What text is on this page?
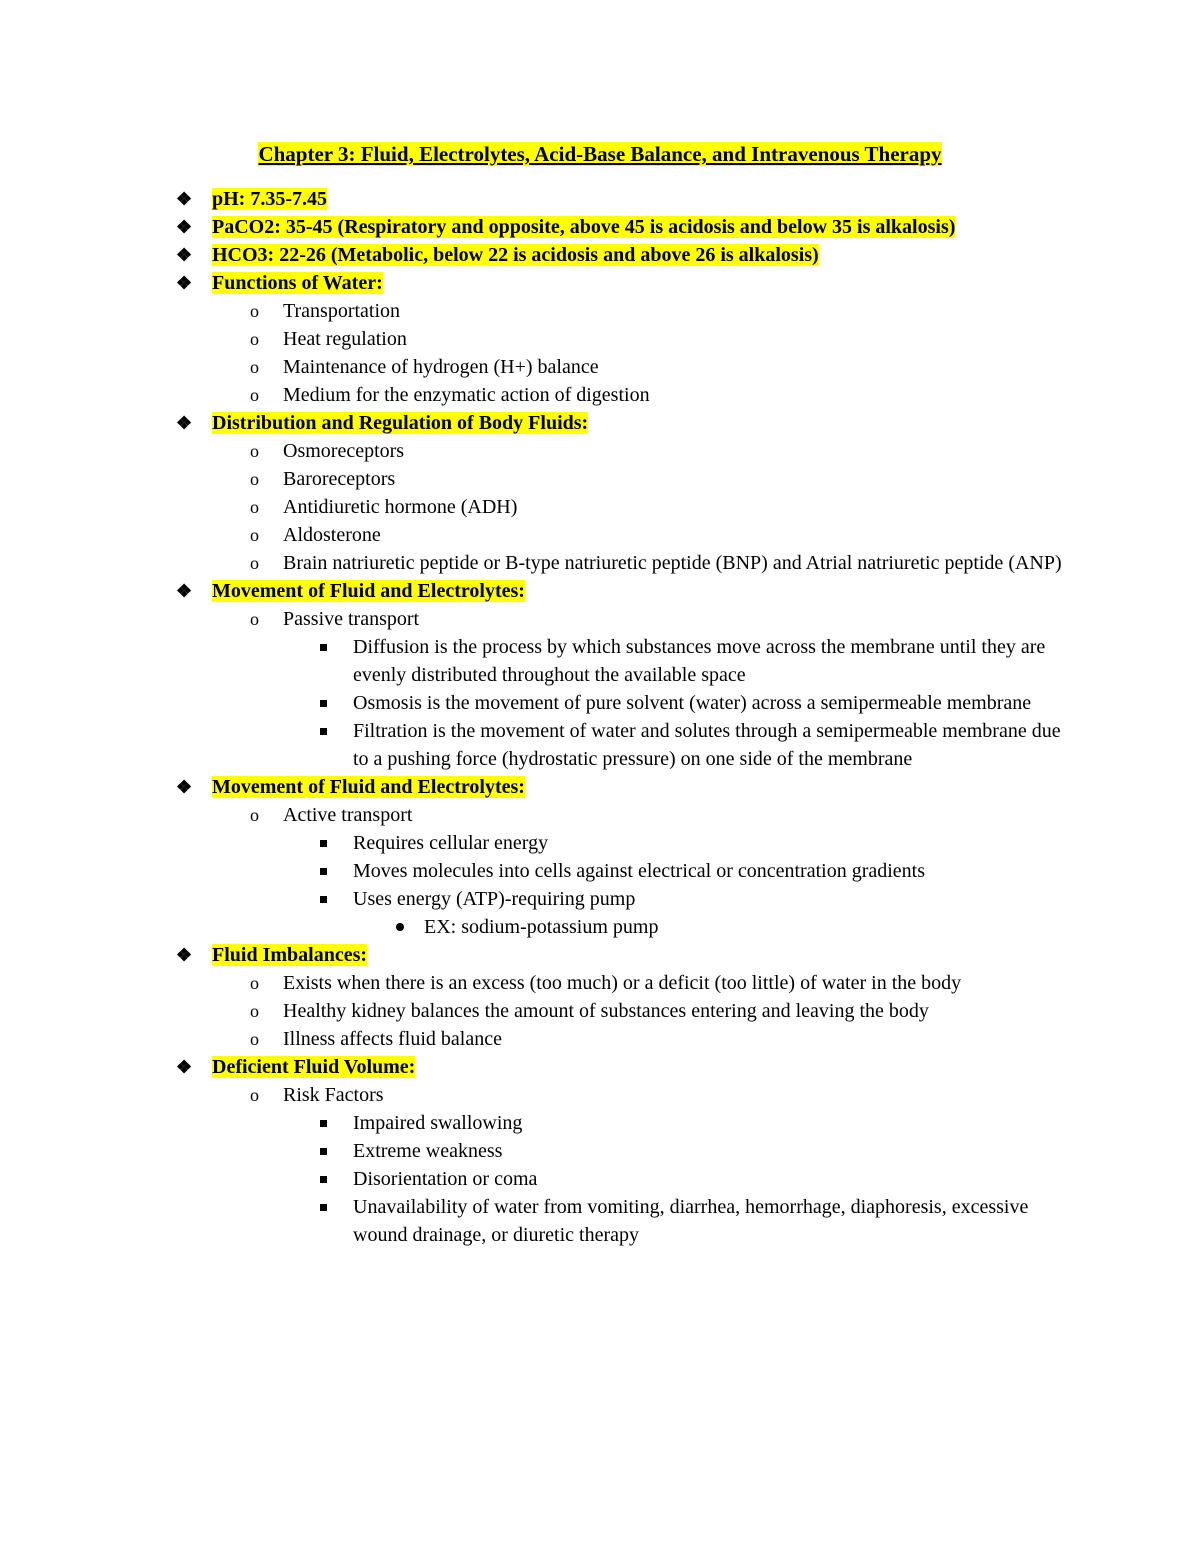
Chapter 3: Fluid, Electrolytes, Acid-Base Balance, and Intravenous Therapy
❖ pH: 7.35-7.45
❖ PaCO2: 35-45 (Respiratory and opposite, above 45 is acidosis and below 35 is alkalosis)
❖ HCO3: 22-26 (Metabolic, below 22 is acidosis and above 26 is alkalosis)
❖ Functions of Water:
o Transportation
o Heat regulation
o Maintenance of hydrogen (H+) balance
o Medium for the enzymatic action of digestion
❖ Distribution and Regulation of Body Fluids:
o Osmoreceptors
o Baroreceptors
o Antidiuretic hormone (ADH)
o Aldosterone
o Brain natriuretic peptide or B-type natriuretic peptide (BNP) and Atrial natriuretic peptide (ANP)
❖ Movement of Fluid and Electrolytes:
o Passive transport
Diffusion is the process by which substances move across the membrane until they are evenly distributed throughout the available space
Osmosis is the movement of pure solvent (water) across a semipermeable membrane
Filtration is the movement of water and solutes through a semipermeable membrane due to a pushing force (hydrostatic pressure) on one side of the membrane
❖ Movement of Fluid and Electrolytes:
o Active transport
Requires cellular energy
Moves molecules into cells against electrical or concentration gradients
Uses energy (ATP)-requiring pump
EX: sodium-potassium pump
❖ Fluid Imbalances:
o Exists when there is an excess (too much) or a deficit (too little) of water in the body
o Healthy kidney balances the amount of substances entering and leaving the body
o Illness affects fluid balance
❖ Deficient Fluid Volume:
o Risk Factors
Impaired swallowing
Extreme weakness
Disorientation or coma
Unavailability of water from vomiting, diarrhea, hemorrhage, diaphoresis, excessive wound drainage, or diuretic therapy
